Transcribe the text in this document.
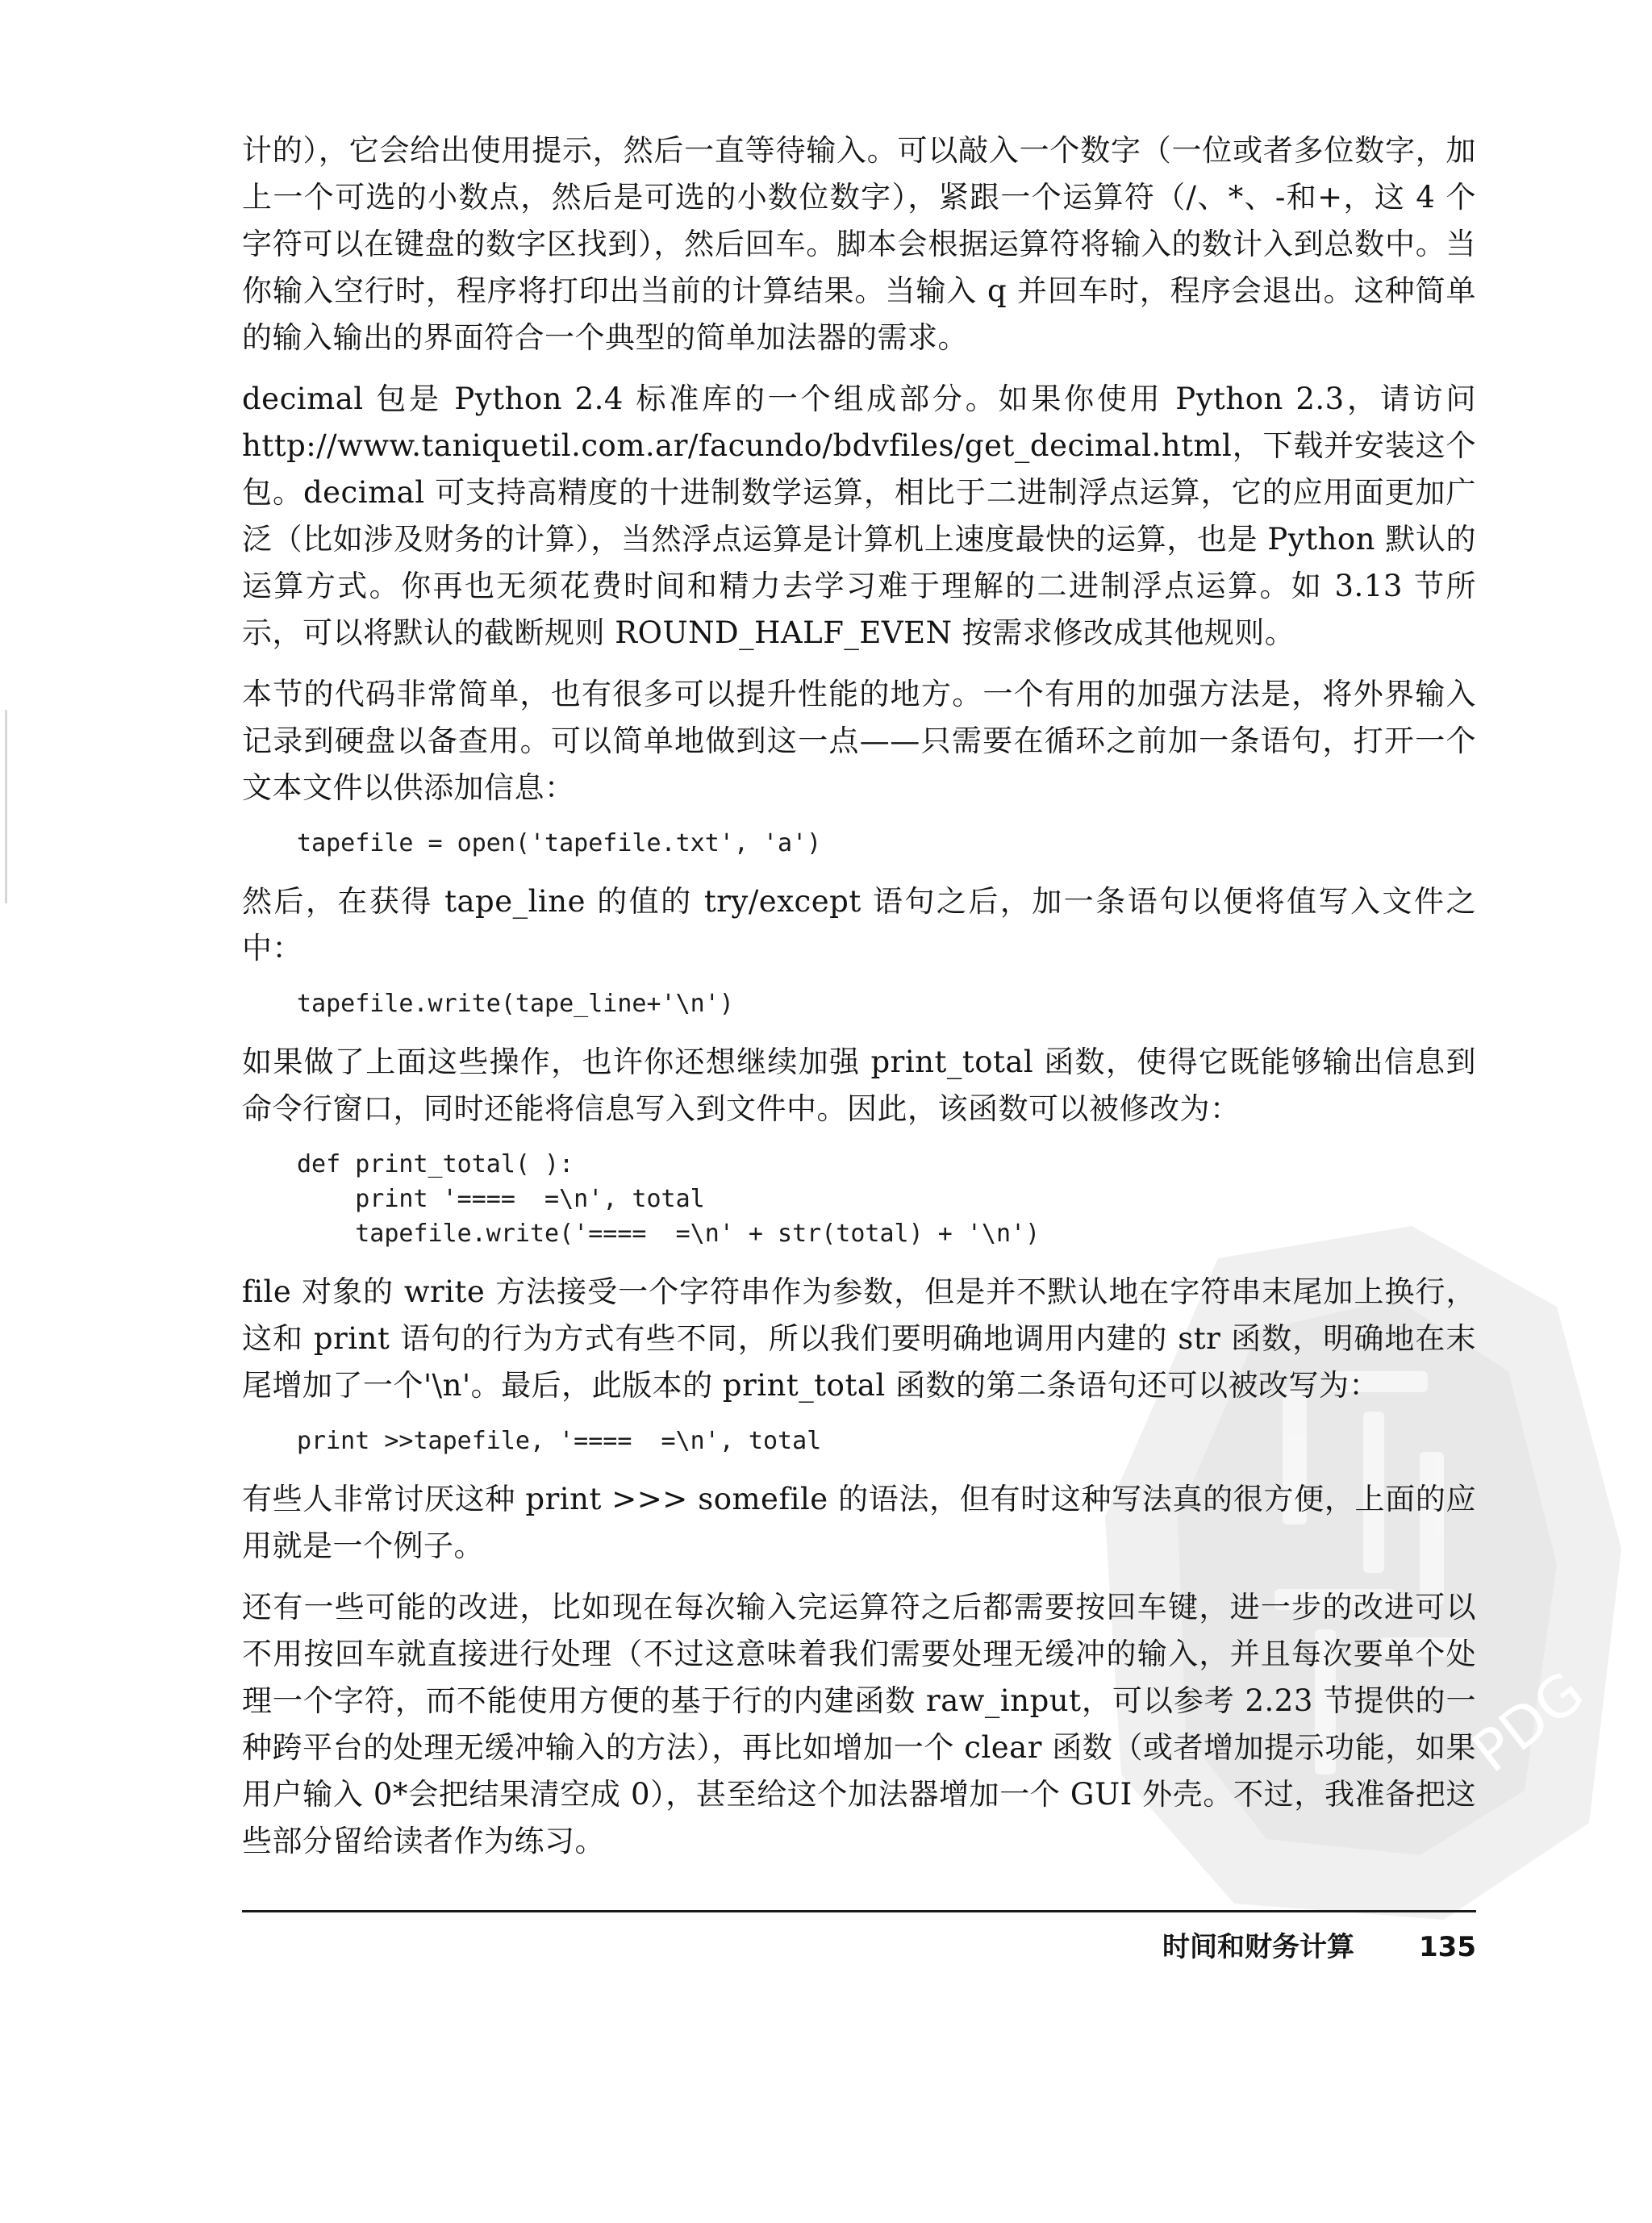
PDG

计的），它会给出使用提示，然后一直等待输入。可以敲入一个数字（一位或者多位数字，加上一个可选的小数点，然后是可选的小数位数字），紧跟一个运算符（/、*、-和+，这 4 个字符可以在键盘的数字区找到），然后回车。脚本会根据运算符将输入的数计入到总数中。当你输入空行时，程序将打印出当前的计算结果。当输入 q 并回车时，程序会退出。这种简单的输入输出的界面符合一个典型的简单加法器的需求。

decimal 包是 Python 2.4 标准库的一个组成部分。如果你使用 Python 2.3，请访问 http://www.taniquetil.com.ar/facundo/bdvfiles/get_decimal.html，下载并安装这个包。decimal 可支持高精度的十进制数学运算，相比于二进制浮点运算，它的应用面更加广泛（比如涉及财务的计算），当然浮点运算是计算机上速度最快的运算，也是 Python 默认的运算方式。你再也无须花费时间和精力去学习难于理解的二进制浮点运算。如 3.13 节所示，可以将默认的截断规则 ROUND_HALF_EVEN 按需求修改成其他规则。

本节的代码非常简单，也有很多可以提升性能的地方。一个有用的加强方法是，将外界输入记录到硬盘以备查用。可以简单地做到这一点——只需要在循环之前加一条语句，打开一个文本文件以供添加信息：

tapefile = open('tapefile.txt', 'a')

然后，在获得 tape_line 的值的 try/except 语句之后，加一条语句以便将值写入文件之中：

tapefile.write(tape_line+'\n')

如果做了上面这些操作，也许你还想继续加强 print_total 函数，使得它既能够输出信息到命令行窗口，同时还能将信息写入到文件中。因此，该函数可以被修改为：

def print_total( ):
print '====  =\n', total
tapefile.write('====  =\n' + str(total) + '\n')

file 对象的 write 方法接受一个字符串作为参数，但是并不默认地在字符串末尾加上换行，这和 print 语句的行为方式有些不同，所以我们要明确地调用内建的 str 函数，明确地在末尾增加了一个'\n'。最后，此版本的 print_total 函数的第二条语句还可以被改写为：

print >>tapefile, '====  =\n', total

有些人非常讨厌这种 print >>> somefile 的语法，但有时这种写法真的很方便，上面的应用就是一个例子。

还有一些可能的改进，比如现在每次输入完运算符之后都需要按回车键，进一步的改进可以不用按回车就直接进行处理（不过这意味着我们需要处理无缓冲的输入，并且每次要单个处理一个字符，而不能使用方便的基于行的内建函数 raw_input，可以参考 2.23 节提供的一种跨平台的处理无缓冲输入的方法），再比如增加一个 clear 函数（或者增加提示功能，如果用户输入 0*会把结果清空成 0），甚至给这个加法器增加一个 GUI 外壳。不过，我准备把这些部分留给读者作为练习。

时间和财务计算 135
